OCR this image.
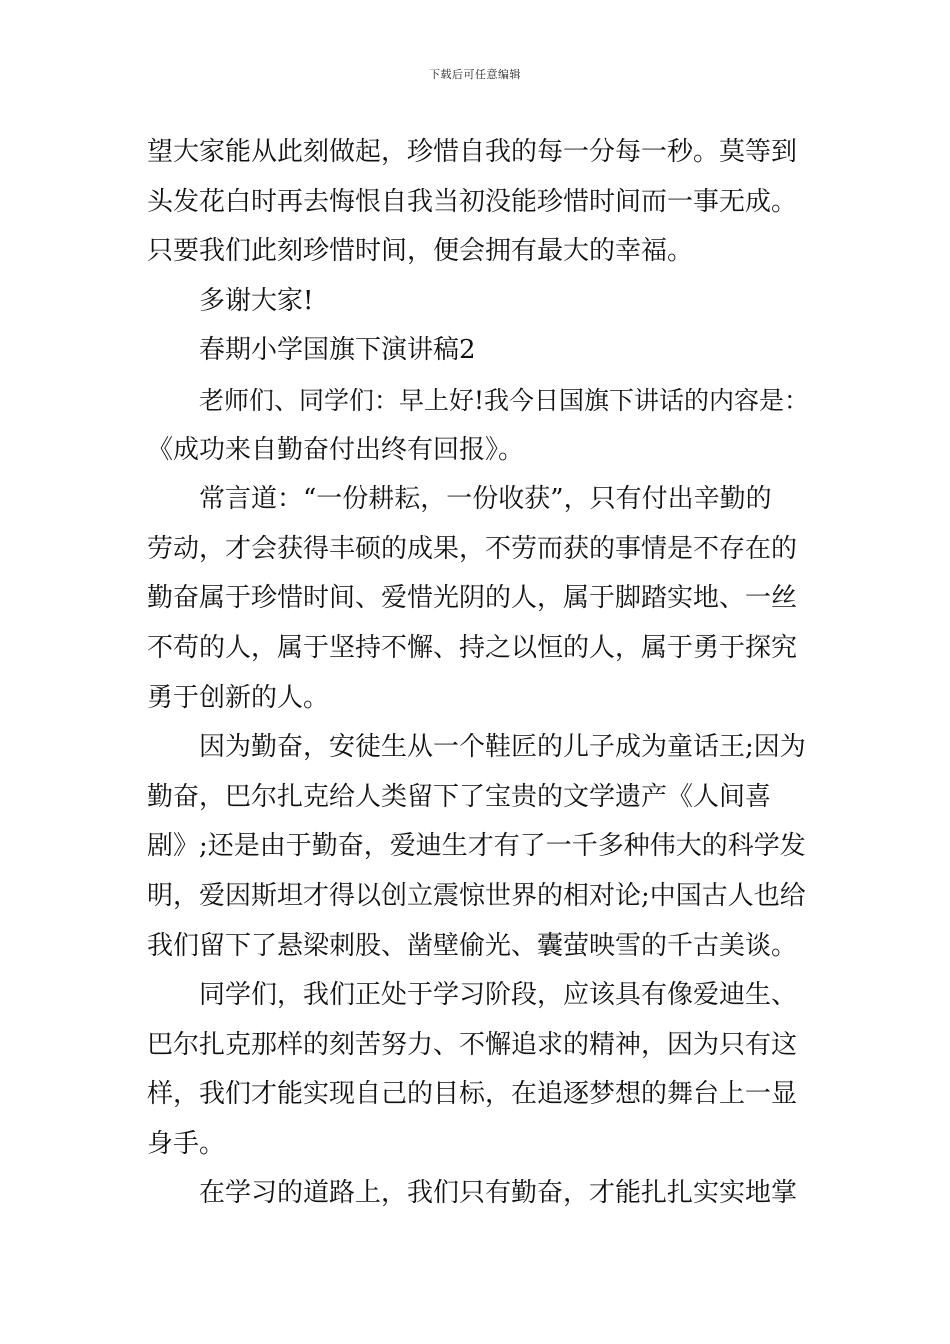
下载后可任意编辑
望大家能从此刻做起，珍惜自我的每一分每一秒。莫等到
头发花白时再去悔恨自我当初没能珍惜时间而一事无成。
只要我们此刻珍惜时间，便会拥有最大的幸福。
多谢大家!
春期小学国旗下演讲稿2
老师们、同学们：早上好!我今日国旗下讲话的内容是：
《成功来自勤奋付出终有回报》。
常言道：“一份耕耘，一份收获”，只有付出辛勤的
劳动，才会获得丰硕的成果，不劳而获的事情是不存在的
勤奋属于珍惜时间、爱惜光阴的人，属于脚踏实地、一丝
不苟的人，属于坚持不懈、持之以恒的人，属于勇于探究
勇于创新的人。
因为勤奋，安徒生从一个鞋匠的儿子成为童话王;因为
勤奋，巴尔扎克给人类留下了宝贵的文学遗产《人间喜
剧》;还是由于勤奋，爱迪生才有了一千多种伟大的科学发
明，爱因斯坦才得以创立震惊世界的相对论;中国古人也给
我们留下了悬梁刺股、凿壁偷光、囊萤映雪的千古美谈。
同学们，我们正处于学习阶段，应该具有像爱迪生、
巴尔扎克那样的刻苦努力、不懈追求的精神，因为只有这
样，我们才能实现自己的目标，在追逐梦想的舞台上一显
身手。
在学习的道路上，我们只有勤奋，才能扎扎实实地掌
